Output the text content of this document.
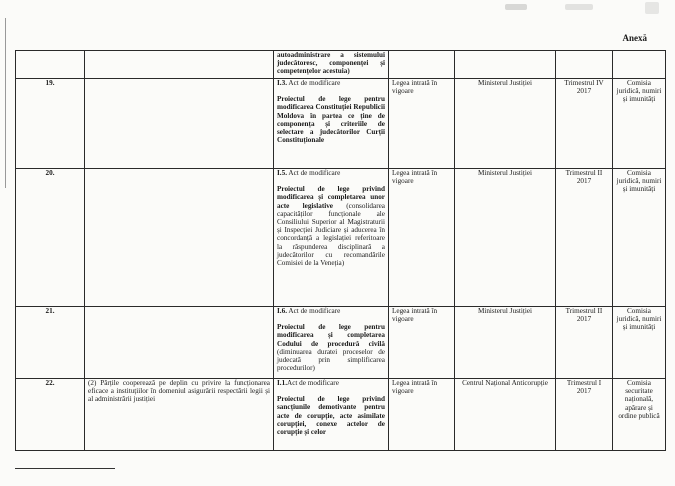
Anexă

		autoadministrare a sistemului judecătoresc, componenței și competențelor acestuia)				

19.		I.3. Act de modificare
Proiectul de lege pentru modificarea Constituției Republicii Moldova în partea ce ține de componența și criteriile de selectare a judecătorilor Curții Constituționale	Legea intrată în vigoare	Ministerul Justiției	Trimestrul IV 2017	Comisia juridică, numiri și imunități
20.		I.5. Act de modificare
Proiectul de lege privind modificarea și completarea unor acte legislative (consolidarea capacităților funcționale ale Consiliului Superior al Magistraturii și Inspecției Judiciare și aducerea în concordanță a legislației referitoare la răspunderea disciplinară a judecătorilor cu recomandările Comisiei de la Veneția)	Legea intrată în vigoare	Ministerul Justiției	Trimestrul II 2017	Comisia juridică, numiri și imunități
21.		I.6. Act de modificare
Proiectul de lege pentru modificarea și completarea Codului de procedură civilă (diminuarea duratei proceselor de judecată prin simplificarea procedurilor)	Legea intrată în vigoare	Ministerul Justiției	Trimestrul II 2017	Comisia juridică, numiri și imunități
22.	(2) Părțile cooperează pe deplin cu privire la funcționarea eficace a instituțiilor în domeniul asigurării respectării legii și al administrării justiției	I.1.Act de modificare
Proiectul de lege privind sancțiunile demotivante pentru acte de corupție, acte asimilate corupției, conexe actelor de corupție și celor	Legea intrată în vigoare	Centrul Național Anticorupție	Trimestrul I 2017	Comisia securitate națională, apărare și ordine publică
